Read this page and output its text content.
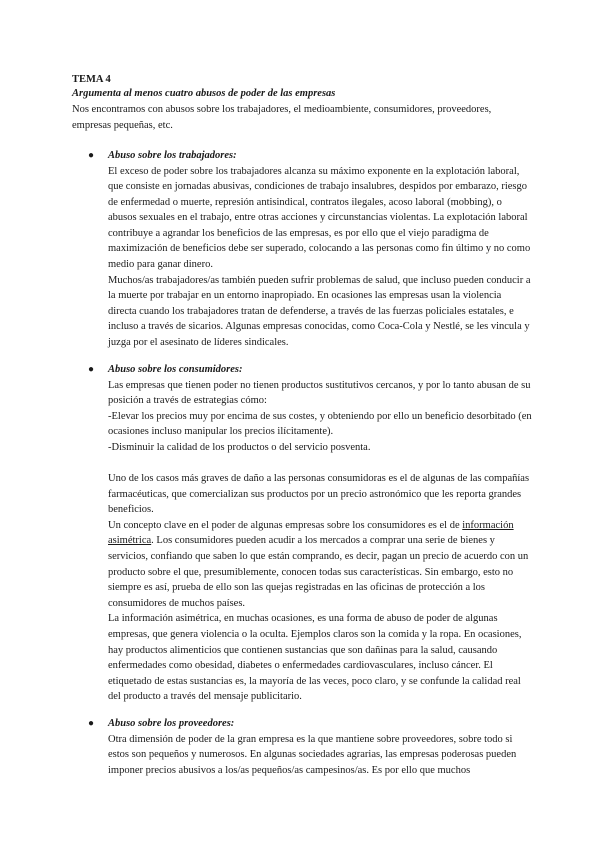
TEMA 4
Argumenta al menos cuatro abusos de poder de las empresas
Nos encontramos con abusos sobre los trabajadores, el medioambiente, consumidores, proveedores, empresas pequeñas, etc.
● Abuso sobre los trabajadores:

El exceso de poder sobre los trabajadores alcanza su máximo exponente en la explotación laboral, que consiste en jornadas abusivas, condiciones de trabajo insalubres, despidos por embarazo, riesgo de enfermedad o muerte, represión antisindical, contratos ilegales, acoso laboral (mobbing), o abusos sexuales en el trabajo, entre otras acciones y circunstancias violentas. La explotación laboral contribuye a agrandar los beneficios de las empresas, es por ello que el viejo paradigma de maximización de beneficios debe ser superado, colocando a las personas como fin último y no como medio para ganar dinero.

Muchos/as trabajadores/as también pueden sufrir problemas de salud, que incluso pueden conducir a la muerte por trabajar en un entorno inapropiado. En ocasiones las empresas usan la violencia directa cuando los trabajadores tratan de defenderse, a través de las fuerzas policiales estatales, e incluso a través de sicarios. Algunas empresas conocidas, como Coca-Cola y Nestlé, se les vincula y juzga por el asesinato de líderes sindicales.

● Abuso sobre los consumidores:

Las empresas que tienen poder no tienen productos sustitutivos cercanos, y por lo tanto abusan de su posición a través de estrategias cómo:

-Elevar los precios muy por encima de sus costes, y obteniendo por ello un beneficio desorbitado (en ocasiones incluso manipular los precios ilícitamente).

-Disminuir la calidad de los productos o del servicio posventa.

Uno de los casos más graves de daño a las personas consumidoras es el de algunas de las compañías farmacéuticas, que comercializan sus productos por un precio astronómico que les reporta grandes beneficios.

Un concepto clave en el poder de algunas empresas sobre los consumidores es el de información asimétrica. Los consumidores pueden acudir a los mercados a comprar una serie de bienes y servicios, confiando que saben lo que están comprando, es decir, pagan un precio de acuerdo con un producto sobre el que, presumiblemente, conocen todas sus características. Sin embargo, esto no siempre es así, prueba de ello son las quejas registradas en las oficinas de protección a los consumidores de muchos países.

La información asimétrica, en muchas ocasiones, es una forma de abuso de poder de algunas empresas, que genera violencia o la oculta. Ejemplos claros son la comida y la ropa. En ocasiones, hay productos alimenticios que contienen sustancias que son dañinas para la salud, causando enfermedades como obesidad, diabetes o enfermedades cardiovasculares, incluso cáncer. El etiquetado de estas sustancias es, la mayoría de las veces, poco claro, y se confunde la calidad real del producto a través del mensaje publicitario.

● Abuso sobre los proveedores:

Otra dimensión de poder de la gran empresa es la que mantiene sobre proveedores, sobre todo si estos son pequeños y numerosos. En algunas sociedades agrarias, las empresas poderosas pueden imponer precios abusivos a los/as pequeños/as campesinos/as. Es por ello que muchos
